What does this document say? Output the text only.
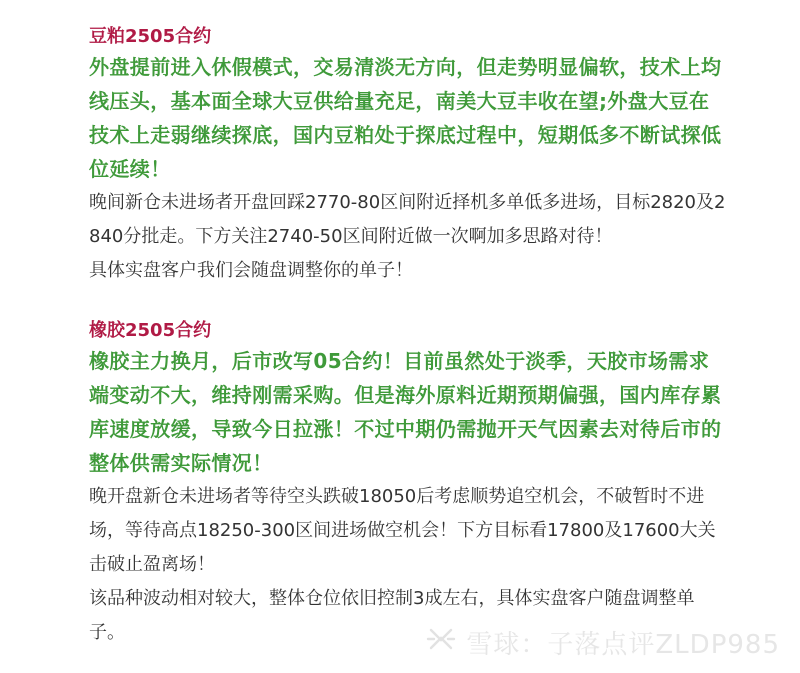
豆粕2505合约

外盘提前进入休假模式，交易清淡无方向，但走势明显偏软，技术上均线压头，基本面全球大豆供给量充足，南美大豆丰收在望;外盘大豆在技术上走弱继续探底，国内豆粕处于探底过程中，短期低多不断试探低位延续！

晚间新仓未进场者开盘回踩2770-80区间附近择机多单低多进场，目标2820及2840分批走。下方关注2740-50区间附近做一次啊加多思路对待！

具体实盘客户我们会随盘调整你的单子！

橡胶2505合约

橡胶主力换月，后市改写05合约！目前虽然处于淡季，天胶市场需求端变动不大，维持刚需采购。但是海外原料近期预期偏强，国内库存累库速度放缓，导致今日拉涨！不过中期仍需抛开天气因素去对待后市的整体供需实际情况！

晚开盘新仓未进场者等待空头跌破18050后考虑顺势追空机会，不破暂时不进场，等待高点18250-300区间进场做空机会！下方目标看17800及17600大关击破止盈离场！

该品种波动相对较大，整体仓位依旧控制3成左右，具体实盘客户随盘调整单子。	雪球：子落点评ZLDP985
